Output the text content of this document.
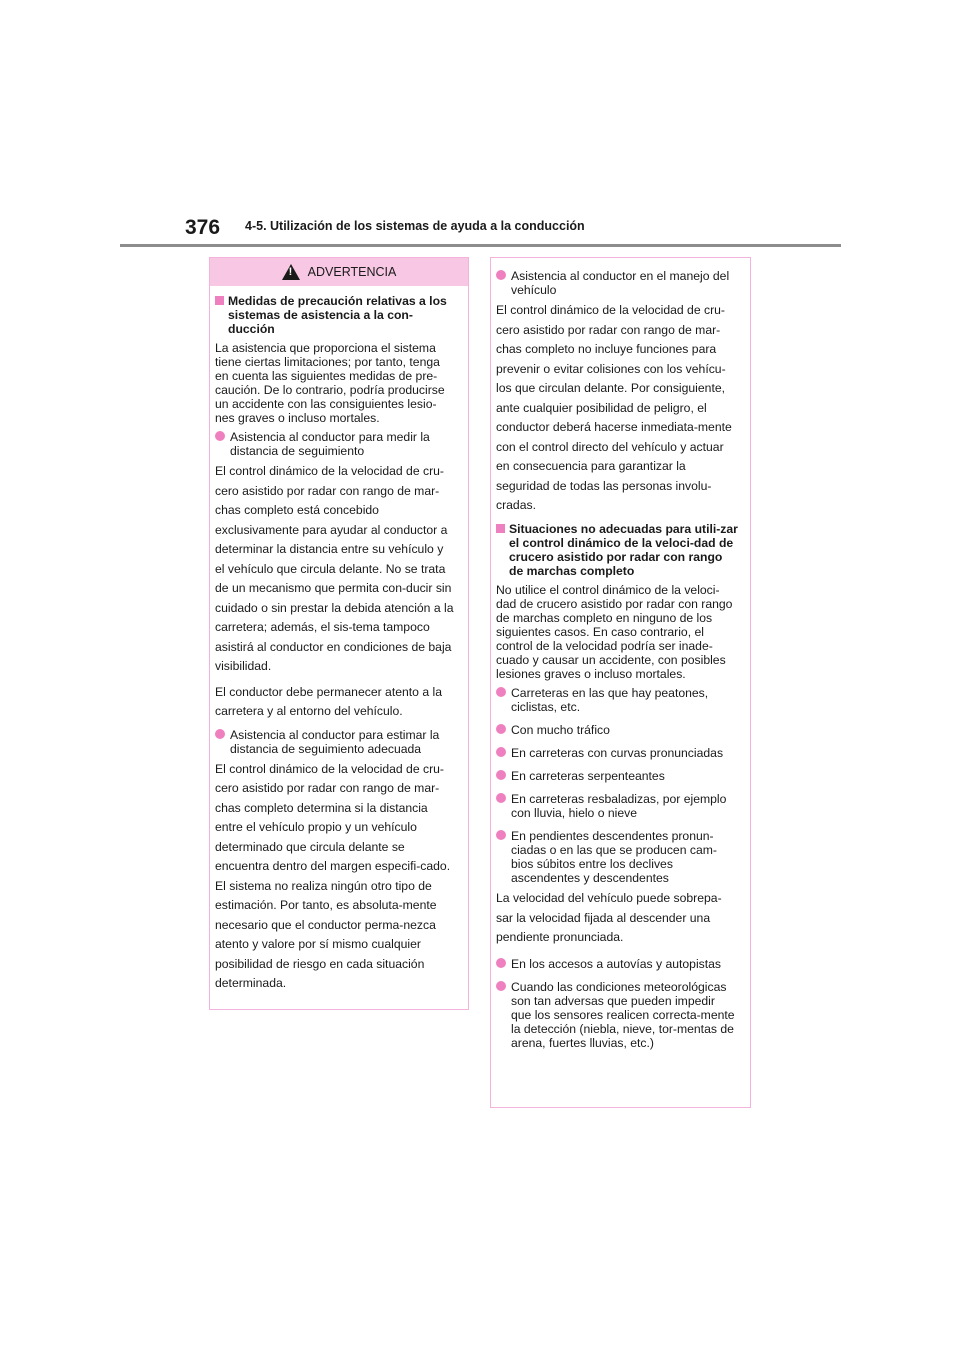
376 4-5. Utilización de los sistemas de ayuda a la conducción
!
ADVERTENCIA
Medidas de precaución relativas a los sistemas de asistencia a la con-ducción

La asistencia que proporciona el sistema tiene ciertas limitaciones; por tanto, tenga en cuenta las siguientes medidas de pre-caución. De lo contrario, podría producirse un accidente con las consiguientes lesio-nes graves o incluso mortales.

Asistencia al conductor para medir la distancia de seguimiento

El control dinámico de la velocidad de cru-cero asistido por radar con rango de mar-chas completo está concebido exclusivamente para ayudar al conductor a determinar la distancia entre su vehículo y el vehículo que circula delante. No se trata de un mecanismo que permita con-ducir sin cuidado o sin prestar la debida atención a la carretera; además, el sis-tema tampoco asistirá al conductor en condiciones de baja visibilidad.

El conductor debe permanecer atento a la carretera y al entorno del vehículo.

Asistencia al conductor para estimar la distancia de seguimiento adecuada

El control dinámico de la velocidad de cru-cero asistido por radar con rango de mar-chas completo determina si la distancia entre el vehículo propio y un vehículo determinado que circula delante se encuentra dentro del margen especifi-cado. El sistema no realiza ningún otro tipo de estimación. Por tanto, es absoluta-mente necesario que el conductor perma-nezca atento y valore por sí mismo cualquier posibilidad de riesgo en cada situación determinada.

Asistencia al conductor en el manejo del vehículo

El control dinámico de la velocidad de cru-cero asistido por radar con rango de mar-chas completo no incluye funciones para prevenir o evitar colisiones con los vehícu-los que circulan delante. Por consiguiente, ante cualquier posibilidad de peligro, el conductor deberá hacerse inmediata-mente con el control directo del vehículo y actuar en consecuencia para garantizar la seguridad de todas las personas involu-cradas.

Situaciones no adecuadas para utili-zar el control dinámico de la veloci-dad de crucero asistido por radar con rango de marchas completo

No utilice el control dinámico de la veloci-dad de crucero asistido por radar con rango de marchas completo en ninguno de los siguientes casos. En caso contrario, el control de la velocidad podría ser inade-cuado y causar un accidente, con posibles lesiones graves o incluso mortales.

Carreteras en las que hay peatones, ciclistas, etc.
Con mucho tráfico
En carreteras con curvas pronunciadas
En carreteras serpenteantes
En carreteras resbaladizas, por ejemplo con lluvia, hielo o nieve
En pendientes descendentes pronun-ciadas o en las que se producen cam-bios súbitos entre los declives ascendentes y descendentes

La velocidad del vehículo puede sobrepa-sar la velocidad fijada al descender una pendiente pronunciada.

En los accesos a autovías y autopistas
Cuando las condiciones meteorológicas son tan adversas que pueden impedir que los sensores realicen correcta-mente la detección (niebla, nieve, tor-mentas de arena, fuertes lluvias, etc.)
